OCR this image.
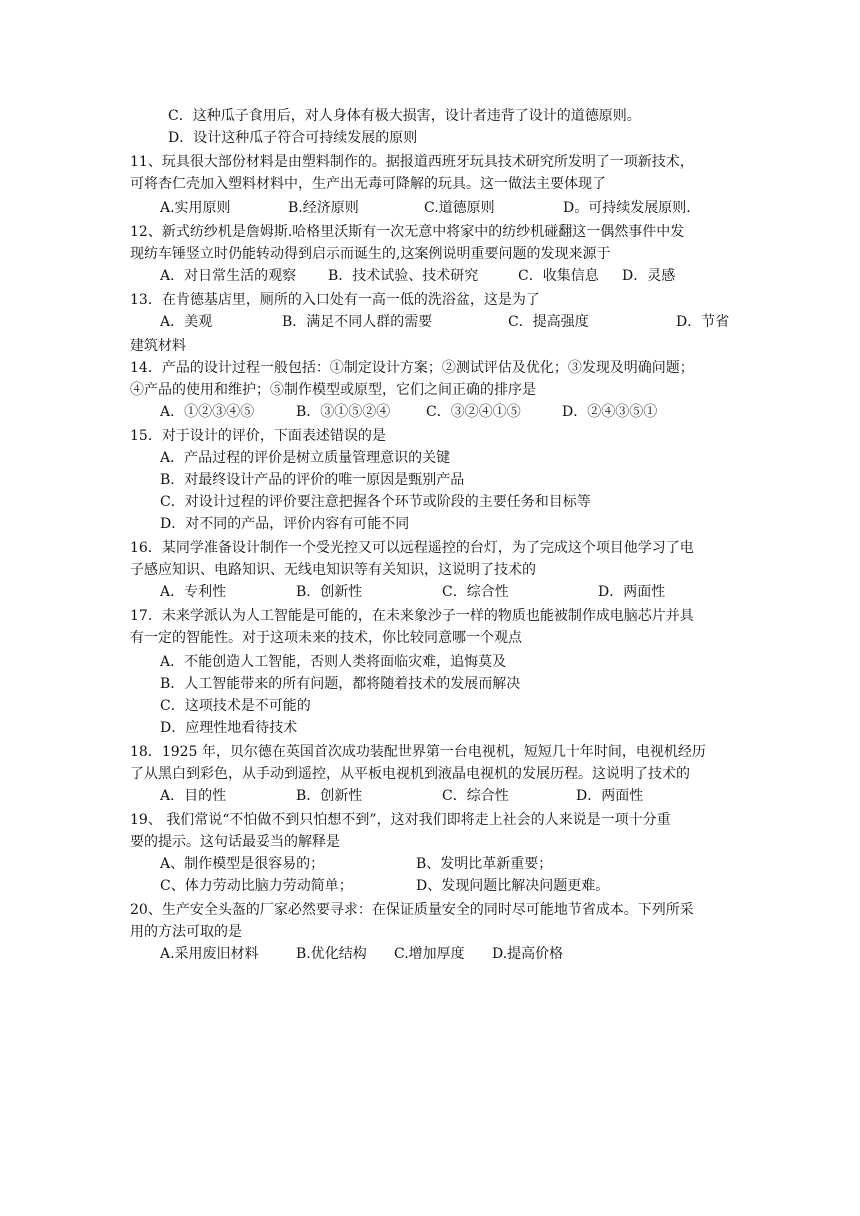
C．这种瓜子食用后，对人身体有极大损害，设计者违背了设计的道德原则。
D．设计这种瓜子符合可持续发展的原则
11、玩具很大部份材料是由塑料制作的。据报道西班牙玩具技术研究所发明了一项新技术，
可将杏仁壳加入塑料材料中，生产出无毒可降解的玩具。这一做法主要体现了
A.实用原则	B.经济原则	C.道德原则	D。可持续发展原则.
12、新式纺纱机是詹姆斯.哈格里沃斯有一次无意中将家中的纺纱机碰翻这一偶然事件中发
现纺车锤竖立时仍能转动得到启示而诞生的,这案例说明重要问题的发现来源于
A．对日常生活的观察 B．技术试验、技术研究	C．收集信息 D．灵感
13．在肯德基店里，厕所的入口处有一高一低的洗浴盆，这是为了
A．美观	B．满足不同人群的需要	C．提高强度	D．节省
建筑材料
14．产品的设计过程一般包括：①制定设计方案；②测试评估及优化；③发现及明确问题；
④产品的使用和维护；⑤制作模型或原型，它们之间正确的排序是
A．①②③④⑤	B．③①⑤②④	C．③②④①⑤	D．②④③⑤①
15．对于设计的评价，下面表述错误的是
A．产品过程的评价是树立质量管理意识的关键
B．对最终设计产品的评价的唯一原因是甄别产品
C．对设计过程的评价要注意把握各个环节或阶段的主要任务和目标等
D．对不同的产品，评价内容有可能不同
16．某同学准备设计制作一个受光控又可以远程遥控的台灯，为了完成这个项目他学习了电
子感应知识、电路知识、无线电知识等有关知识，这说明了技术的
A．专利性	B．创新性	C．综合性	D．两面性
17．未来学派认为人工智能是可能的，在未来象沙子一样的物质也能被制作成电脑芯片并具
有一定的智能性。对于这项未来的技术，你比较同意哪一个观点
A．不能创造人工智能，否则人类将面临灾难，追悔莫及
B．人工智能带来的所有问题，都将随着技术的发展而解决
C．这项技术是不可能的
D．应理性地看待技术
18．1925 年，贝尔德在英国首次成功装配世界第一台电视机，短短几十年时间，电视机经历
了从黑白到彩色，从手动到遥控，从平板电视机到液晶电视机的发展历程。这说明了技术的
A．目的性	B．创新性	C．综合性	D．两面性
19、 我们常说“不怕做不到只怕想不到”，这对我们即将走上社会的人来说是一项十分重
要的提示。这句话最妥当的解释是
A、制作模型是很容易的；	B、发明比革新重要；
C、体力劳动比脑力劳动简单；	D、发现问题比解决问题更难。
20、生产安全头盔的厂家必然要寻求：在保证质量安全的同时尽可能地节省成本。下列所采
用的方法可取的是
A.采用废旧材料	B.优化结构 C.增加厚度 D.提高价格
